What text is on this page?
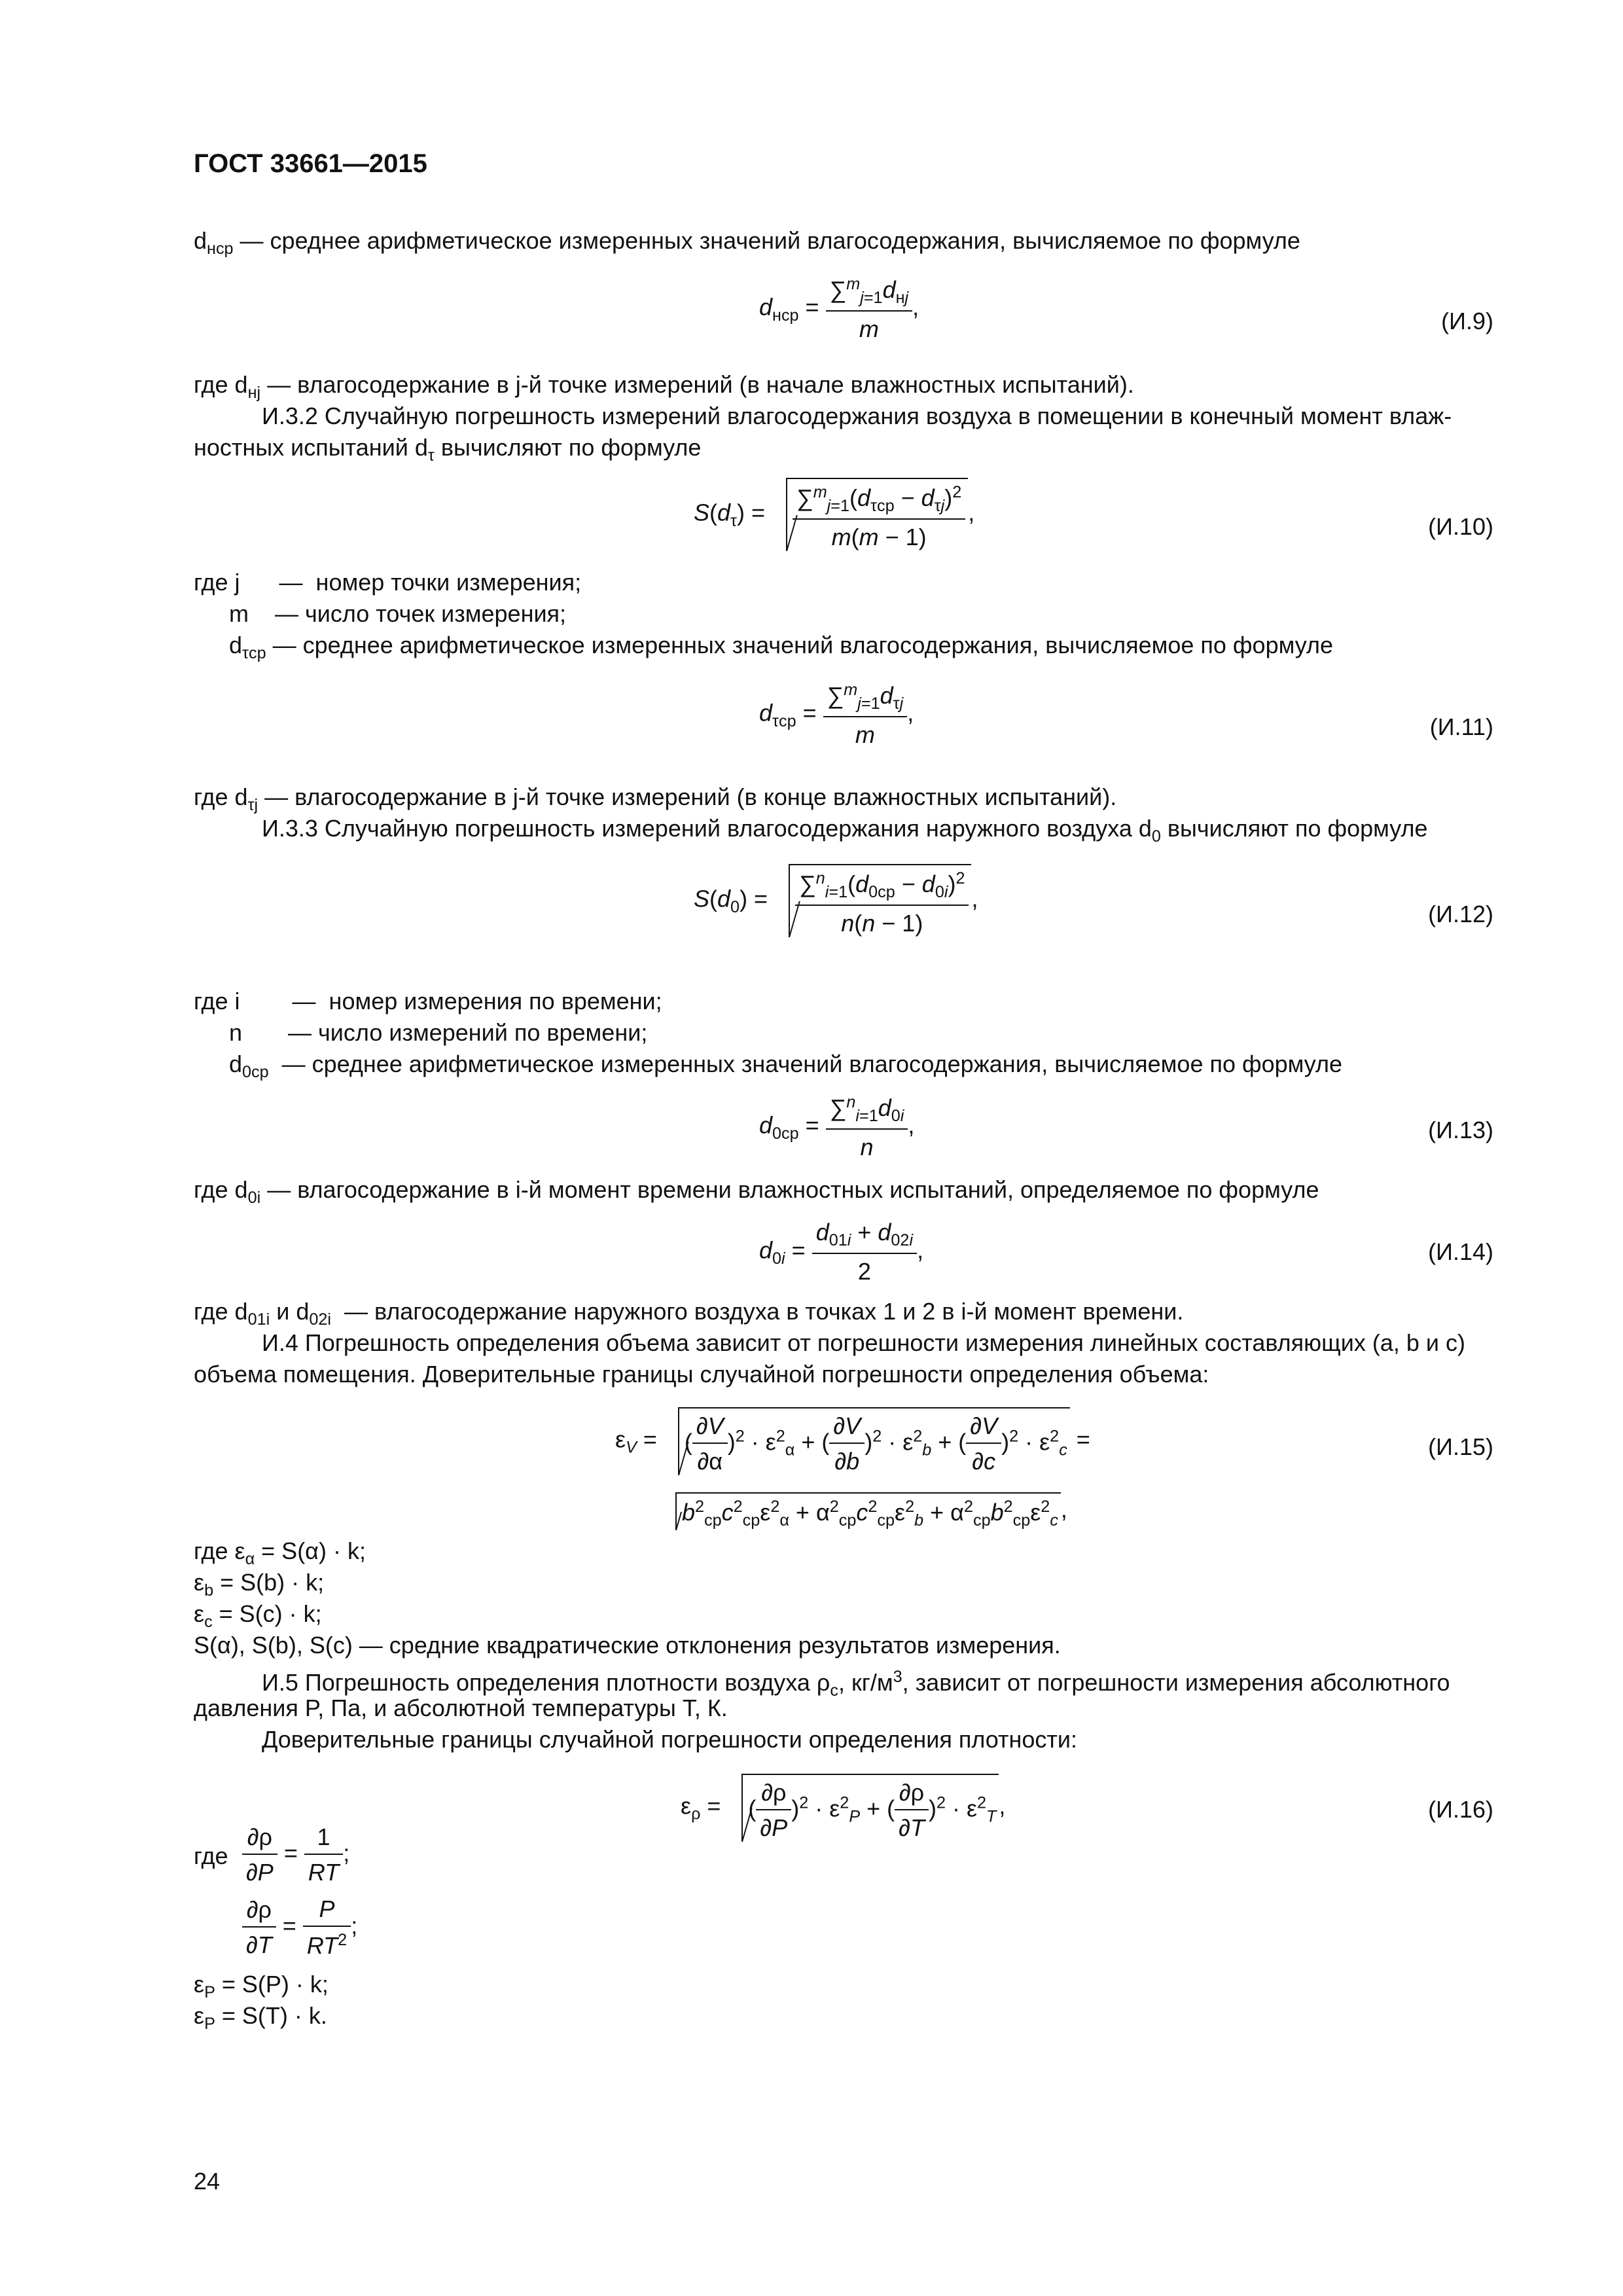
ГОСТ 33661—2015
$d_{нср}$ — среднее арифметическое измеренных значений влагосодержания, вычисляемое по формуле
$d_{нср} = \frac{\sum^m_{j=1}d_{нj}}{m}$ ,
(И.9)
где $d_{нj}$ — влагосодержание в j-й точке измерений (в начале влажностных испытаний).
И.3.2 Случайную погрешность измерений влагосодержания воздуха в помещении в конечный момент влаж-
ностных испытаний $d_\tau$ вычисляют по формуле
$S(d_\tau) = \frac{\sum^m_{j=1}(d_{\tau ср} - d_{\tau j})^2}{m(m - 1)}$ ,
(И.10)
где j      —  номер точки измерения;
m    — число точек измерения;
$d_{\tau ср}$ — среднее арифметическое измеренных значений влагосодержания, вычисляемое по формуле
$d_{\tau ср} = \frac{\sum^m_{j=1}d_{\tau j}}{m}$ ,
(И.11)
где $d_{\tau j}$ — влагосодержание в j-й точке измерений (в конце влажностных испытаний).
И.3.3 Случайную погрешность измерений влагосодержания наружного воздуха $d_0$ вычисляют по формуле
$S(d_0) = \frac{\sum^n_{i=1}(d_{0ср} - d_{0i})^2}{n(n - 1)}$ ,
(И.12)
где i        —  номер измерения по времени;
n       — число измерений по времени;
$d_{0ср}$  — среднее арифметическое измеренных значений влагосодержания, вычисляемое по формуле
$d_{0ср} = \frac{\sum^n_{i=1}d_{0i}}{n}$ ,	(И.13)
где $d_{0i}$ — влагосодержание в i-й момент времени влажностных испытаний, определяемое по формуле
$d_{0i} = \frac{d_{01i} + d_{02i}}{2}$ ,	(И.14)
где $d_{01i}$ и $d_{02i}$  — влагосодержание наружного воздуха в точках 1 и 2 в i-й момент времени.
И.4 Погрешность определения объема зависит от погрешности измерения линейных составляющих (a, b и c)
объема помещения. Доверительные границы случайной погрешности определения объема:
$\varepsilon_V$ = ( $\frac{\partial V}{\partial\alpha} )^2 \cdot \varepsilon^2_\alpha$ + ( $\frac{\partial V}{\partial b} )^2 \cdot \varepsilon^2_b$ + ( $\frac{\partial V}{\partial c} )^2 \cdot \varepsilon^2_c$ =	(И.15)
$b^2_{ср}c^2_{ср}\varepsilon^2_\alpha + \alpha^2_{ср}c^2_{ср}\varepsilon^2_b + \alpha^2_{ср}b^2_{ср}\varepsilon^2_c$ ,
где $\varepsilon_\alpha = S(\alpha) \cdot k$;
$\varepsilon_b = S(b) \cdot k$;
$\varepsilon_c = S(c) \cdot k$;
S(α), S(b), S(c) — средние квадратические отклонения результатов измерения.
И.5 Погрешность определения плотности воздуха $\rho_c$, $кг/м^3$, зависит от погрешности измерения абсолютного
давления P, Па, и абсолютной температуры T, К.
Доверительные границы случайной погрешности определения плотности:
$\varepsilon_\rho$ = ( $\frac{\partial\rho}{\partial P} )^2 \cdot \varepsilon^2_P$ + ( $\frac{\partial\rho}{\partial T} )^2 \cdot \varepsilon^2_T$ ,	(И.16)
где $\frac{\partial\rho}{\partial P} = \frac{1}{RT}$ ;
$\frac{\partial\rho}{\partial T} = \frac{P}{RT^2}$ ;
$\varepsilon_P = S(P) \cdot k$;
$\varepsilon_P = S(T) \cdot k$.
24
